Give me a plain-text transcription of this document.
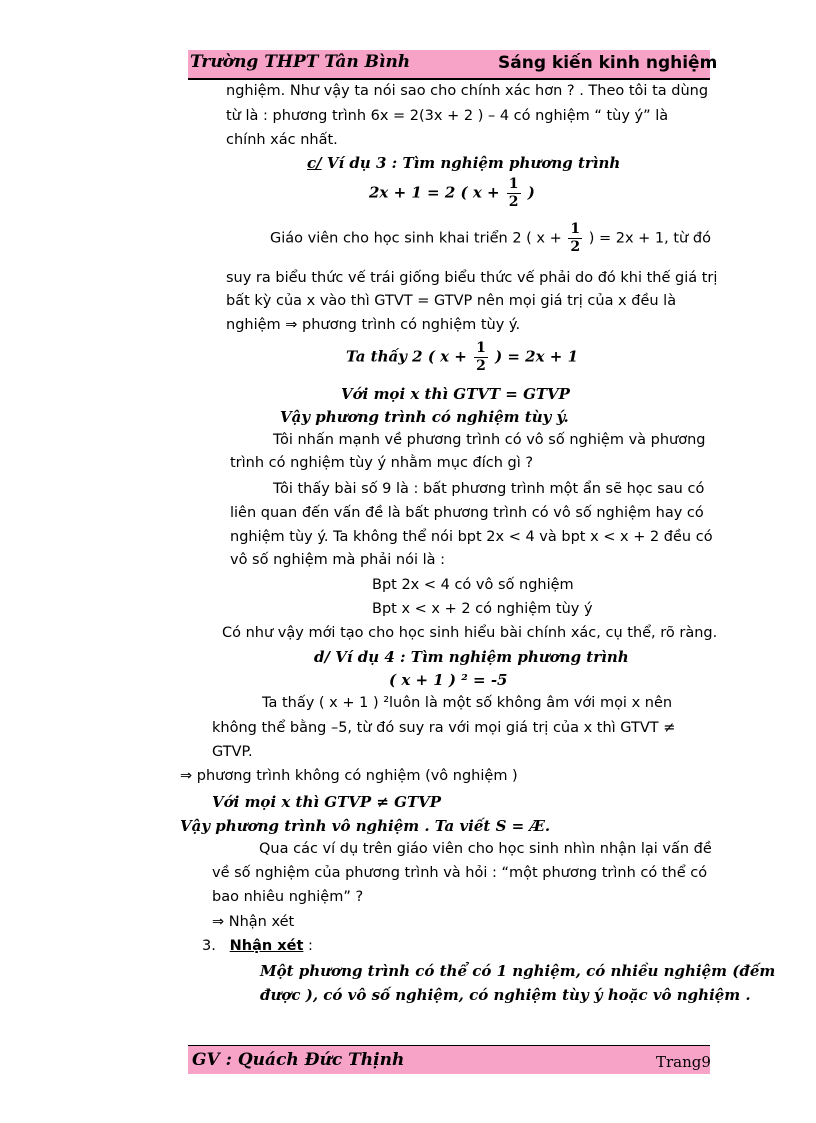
Trường THPT Tân Bình	Sáng kiến kinh nghiệm
nghiệm. Như vậy ta nói sao cho chính xác hơn ? . Theo tôi ta dùng
từ là : phương trình 6x = 2(3x + 2 ) – 4 có nghiệm “ tùy ý” là
chính xác nhất.
c/ Ví dụ 3 : Tìm nghiệm phương trình
2x + 1 = 2 ( $x + \frac{1}{2}$ )
Giáo viên cho học sinh khai triển 2 ( $x + \frac{1}{2}$ ) = 2x + 1, từ đó
suy ra biểu thức vế trái giống biểu thức vế phải do đó khi thế giá trị
bất kỳ của x vào thì GTVT = GTVP nên mọi giá trị của x đều là
nghiệm ⇒ phương trình có nghiệm tùy ý.
Ta thấy 2 ( $x + \frac{1}{2}$ ) = 2x + 1
Với mọi x thì GTVT = GTVP
Vậy phương trình có nghiệm tùy ý.
Tôi nhấn mạnh về phương trình có vô số nghiệm và phương
trình có nghiệm tùy ý nhằm mục đích gì ?
Tôi thấy bài số 9 là : bất phương trình một ẩn sẽ học sau có
liên quan đến vấn đề là bất phương trình có vô số nghiệm hay có
nghiệm tùy ý. Ta không thể nói bpt 2x < 4 và bpt x < x + 2 đều có
vô số nghiệm mà phải nói là :
Bpt 2x < 4 có vô số nghiệm
Bpt x < x + 2 có nghiệm tùy ý
Có như vậy mới tạo cho học sinh hiểu bài chính xác, cụ thể, rõ ràng.
d/ Ví dụ 4 : Tìm nghiệm phương trình
( x + 1 ) ² = -5
Ta thấy ( x + 1 ) ²luôn là một số không âm với mọi x nên
không thể bằng –5, từ đó suy ra với mọi giá trị của x thì GTVT ≠
GTVP.
⇒ phương trình không có nghiệm (vô nghiệm )
Với mọi x thì GTVP ≠ GTVP
Vậy phương trình vô nghiệm . Ta viết S = Æ.
Qua các ví dụ trên giáo viên cho học sinh nhìn nhận lại vấn đề
về số nghiệm của phương trình và hỏi : “một phương trình có thể có
bao nhiêu nghiệm” ?
⇒ Nhận xét
3. Nhận xét :
Một phương trình có thể có 1 nghiệm, có nhiều nghiệm (đếm
được ), có vô số nghiệm, có nghiệm tùy ý hoặc vô nghiệm .
GV : Quách Đức Thịnh	Trang9
